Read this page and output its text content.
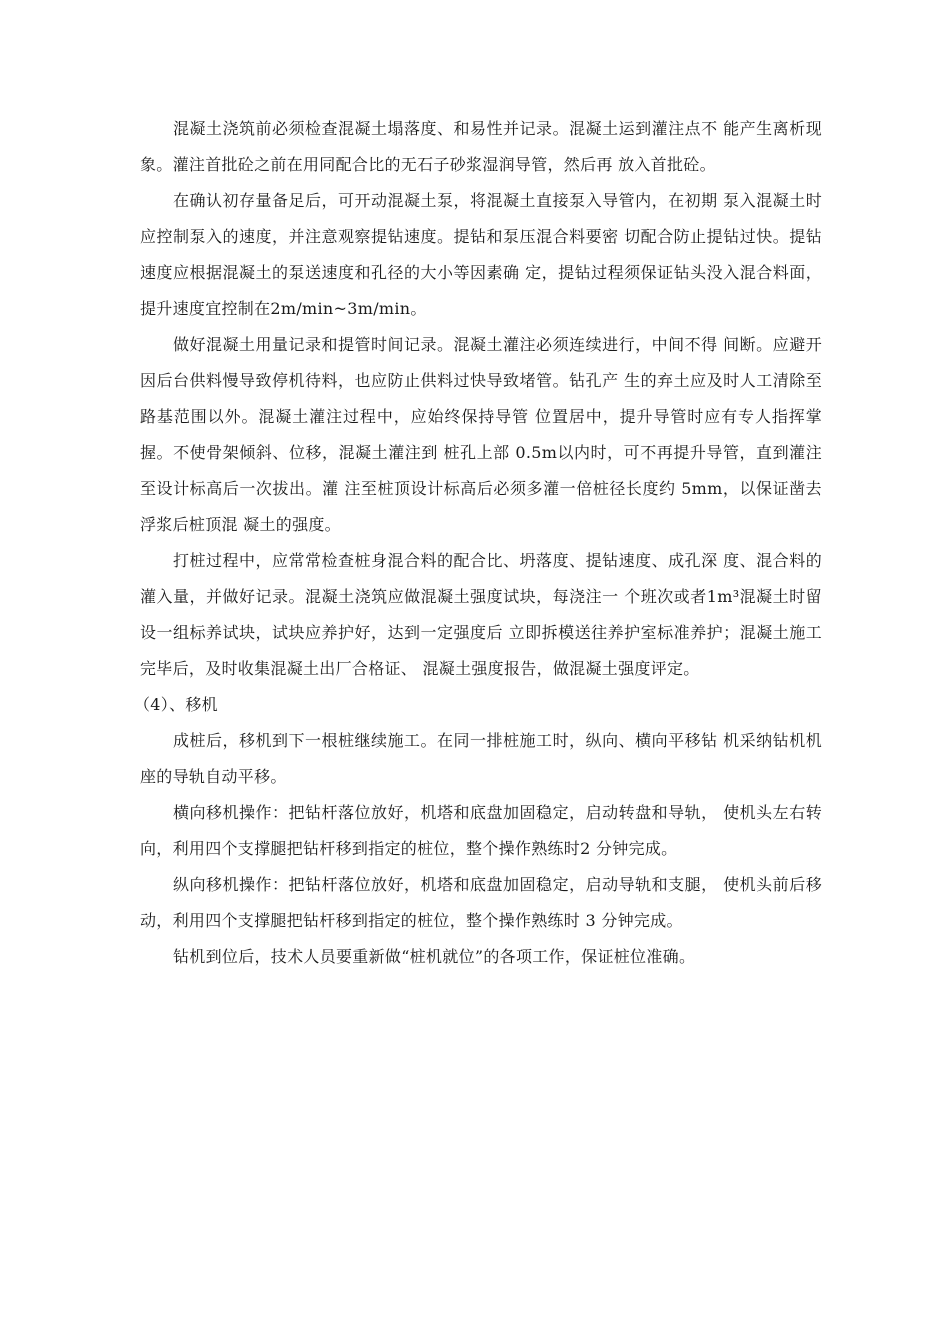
混凝土浇筑前必须检查混凝土塌落度、和易性并记录。混凝土运到灌注点不 能产生离析现象。灌注首批砼之前在用同配合比的无石子砂浆湿润导管，然后再 放入首批砼。

在确认初存量备足后，可开动混凝土泵，将混凝土直接泵入导管内，在初期 泵入混凝土时应控制泵入的速度，并注意观察提钻速度。提钻和泵压混合料要密 切配合防止提钻过快。提钻速度应根据混凝土的泵送速度和孔径的大小等因素确 定，提钻过程须保证钻头没入混合料面，提升速度宜控制在2m/min~3m/min。

做好混凝土用量记录和提管时间记录。混凝土灌注必须连续进行，中间不得 间断。应避开因后台供料慢导致停机待料，也应防止供料过快导致堵管。钻孔产 生的弃土应及时人工清除至路基范围以外。混凝土灌注过程中，应始终保持导管 位置居中，提升导管时应有专人指挥掌握。不使骨架倾斜、位移，混凝土灌注到 桩孔上部 0.5m以内时，可不再提升导管，直到灌注至设计标高后一次拔出。灌 注至桩顶设计标高后必须多灌一倍桩径长度约 5mm，以保证凿去浮浆后桩顶混 凝土的强度。

打桩过程中，应常常检查桩身混合料的配合比、坍落度、提钻速度、成孔深 度、混合料的灌入量，并做好记录。混凝土浇筑应做混凝土强度试块，每浇注一 个班次或者1m³混凝土时留设一组标养试块，试块应养护好，达到一定强度后 立即拆模送往养护室标准养护；混凝土施工完毕后，及时收集混凝土出厂合格证、 混凝土强度报告，做混凝土强度评定。

（4）、移机

成桩后，移机到下一根桩继续施工。在同一排桩施工时，纵向、横向平移钻 机采纳钻机机座的导轨自动平移。

横向移机操作：把钻杆落位放好，机塔和底盘加固稳定，启动转盘和导轨， 使机头左右转向，利用四个支撑腿把钻杆移到指定的桩位，整个操作熟练时2 分钟完成。

纵向移机操作：把钻杆落位放好，机塔和底盘加固稳定，启动导轨和支腿， 使机头前后移动，利用四个支撑腿把钻杆移到指定的桩位，整个操作熟练时 3 分钟完成。

钻机到位后，技术人员要重新做“桩机就位”的各项工作，保证桩位准确。
